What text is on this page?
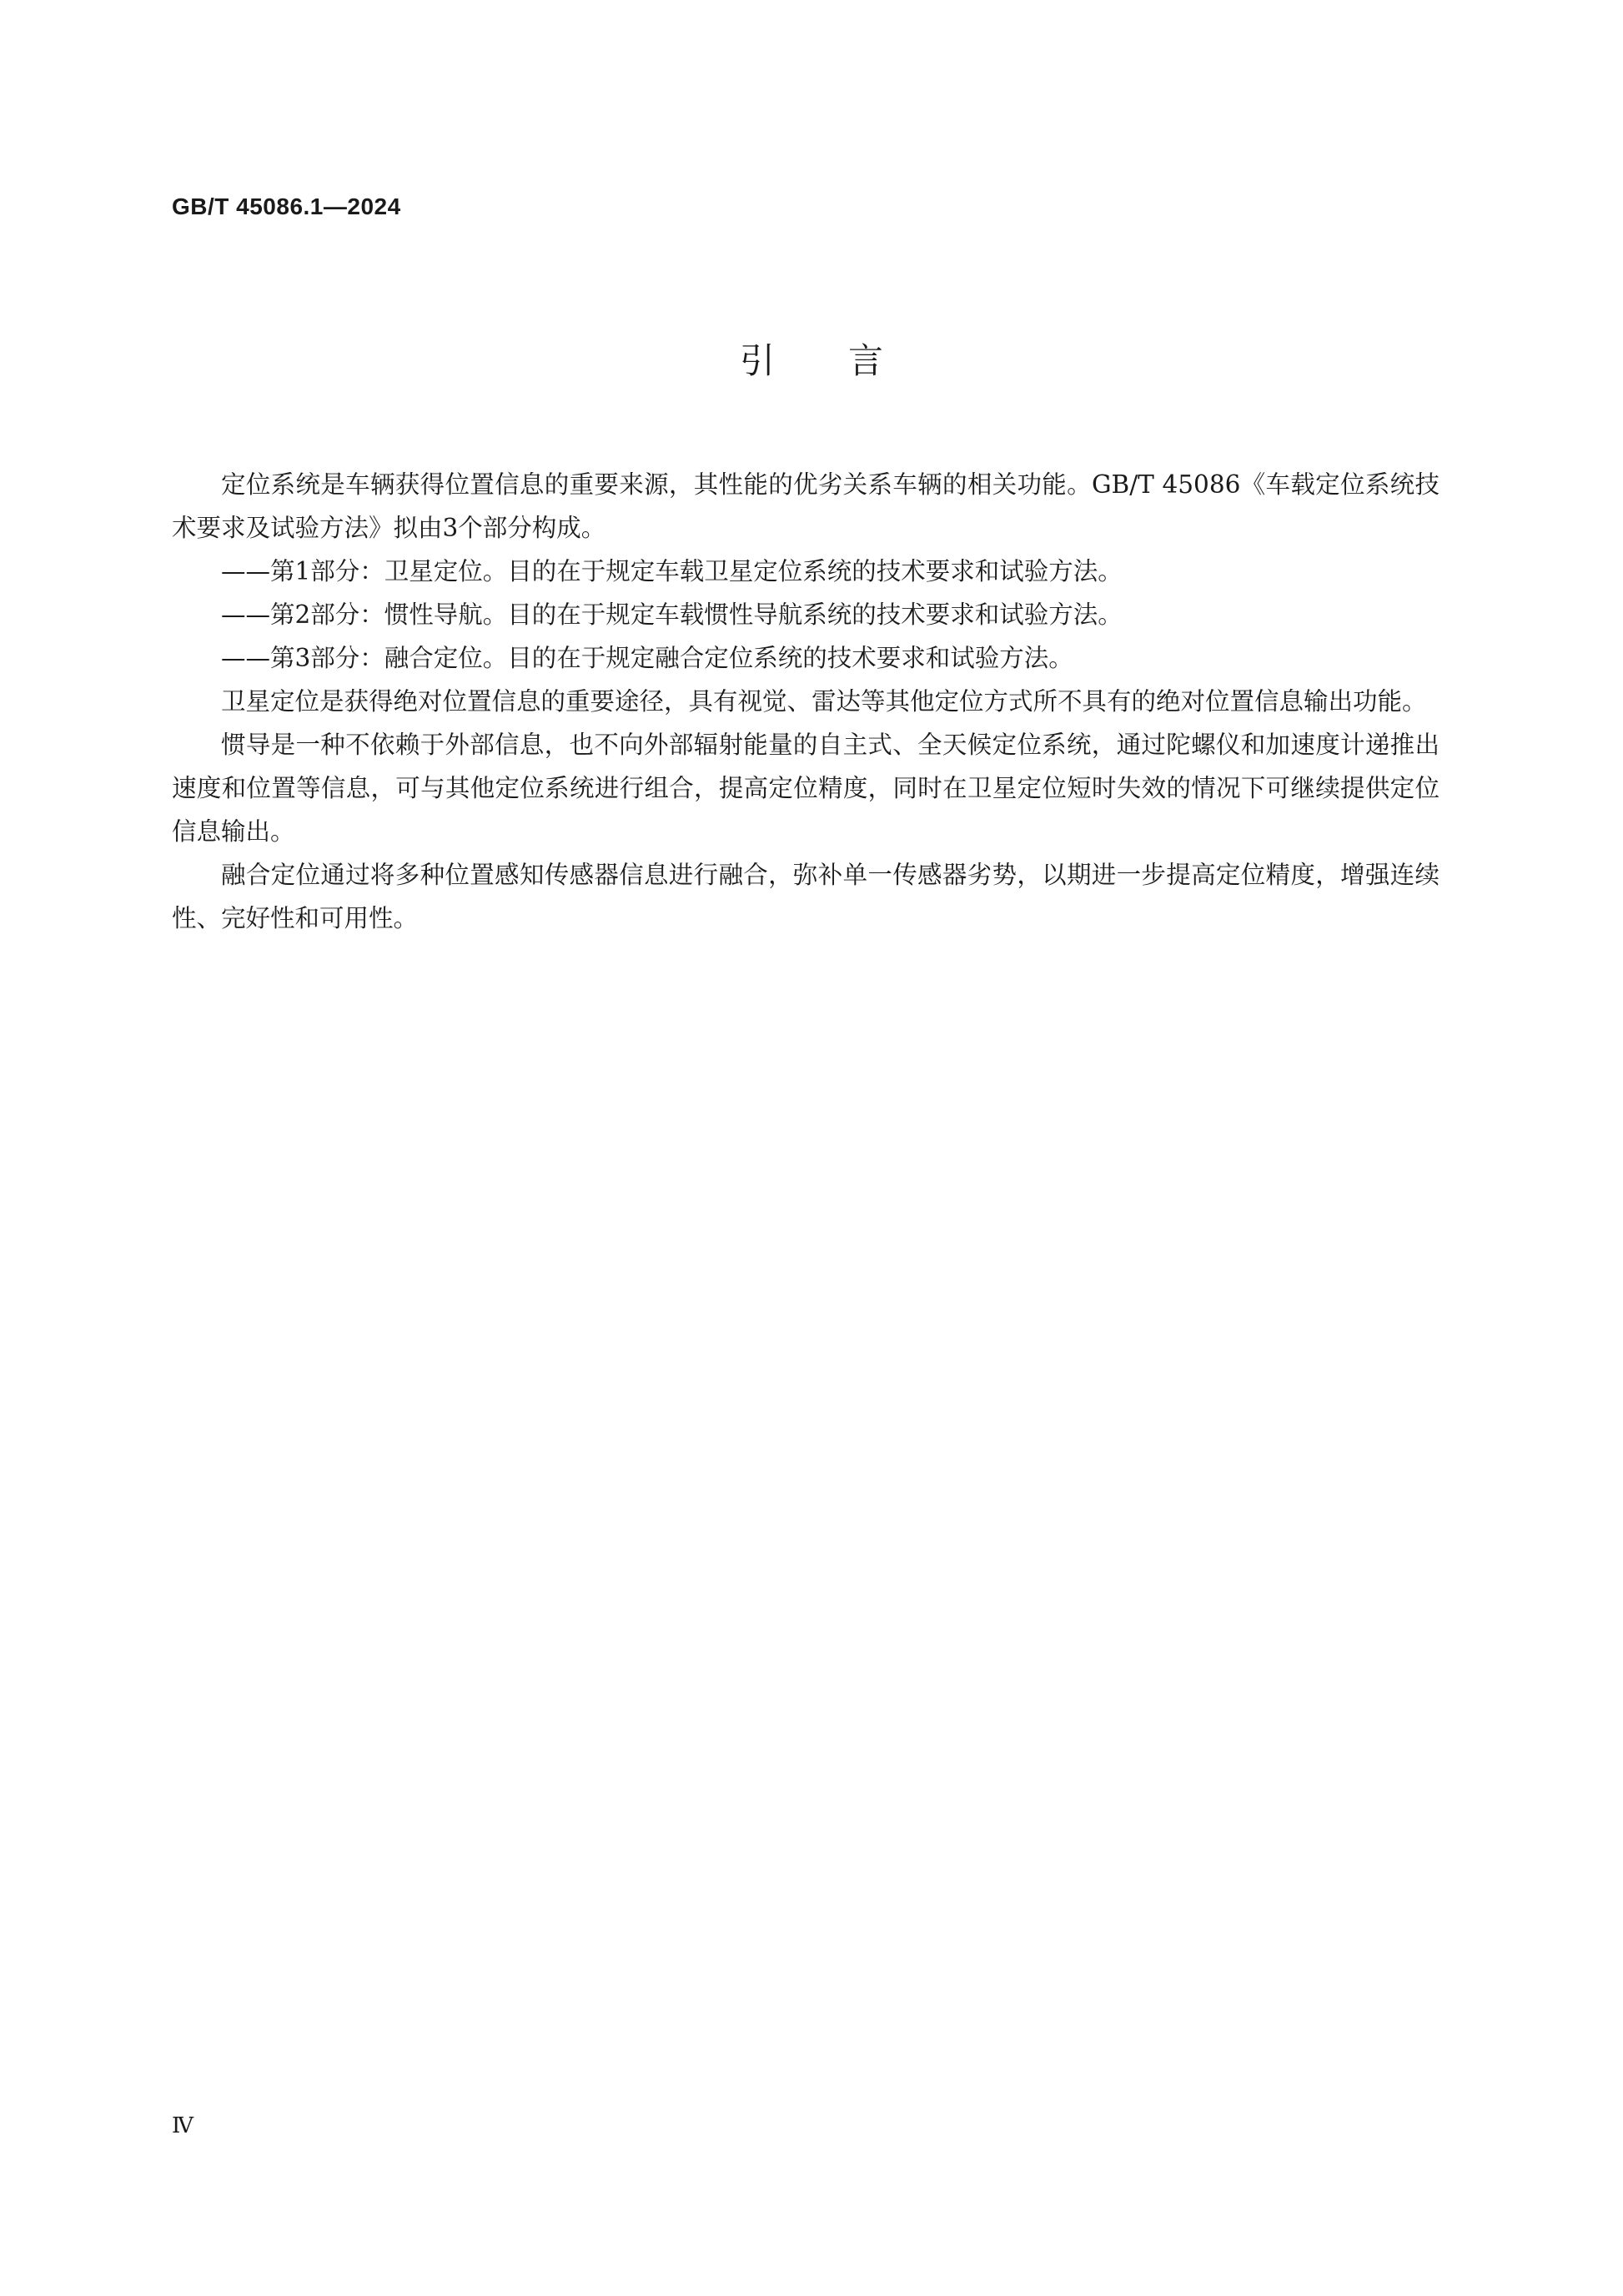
GB/T 45086.1—2024
引言

定位系统是车辆获得位置信息的重要来源，其性能的优劣关系车辆的相关功能。GB/T 45086《车载定位系统技术要求及试验方法》拟由3个部分构成。

——第1部分：卫星定位。目的在于规定车载卫星定位系统的技术要求和试验方法。

——第2部分：惯性导航。目的在于规定车载惯性导航系统的技术要求和试验方法。

——第3部分：融合定位。目的在于规定融合定位系统的技术要求和试验方法。

卫星定位是获得绝对位置信息的重要途径，具有视觉、雷达等其他定位方式所不具有的绝对位置信息输出功能。

惯导是一种不依赖于外部信息，也不向外部辐射能量的自主式、全天候定位系统，通过陀螺仪和加速度计递推出速度和位置等信息，可与其他定位系统进行组合，提高定位精度，同时在卫星定位短时失效的情况下可继续提供定位信息输出。

融合定位通过将多种位置感知传感器信息进行融合，弥补单一传感器劣势，以期进一步提高定位精度，增强连续性、完好性和可用性。

Ⅳ
